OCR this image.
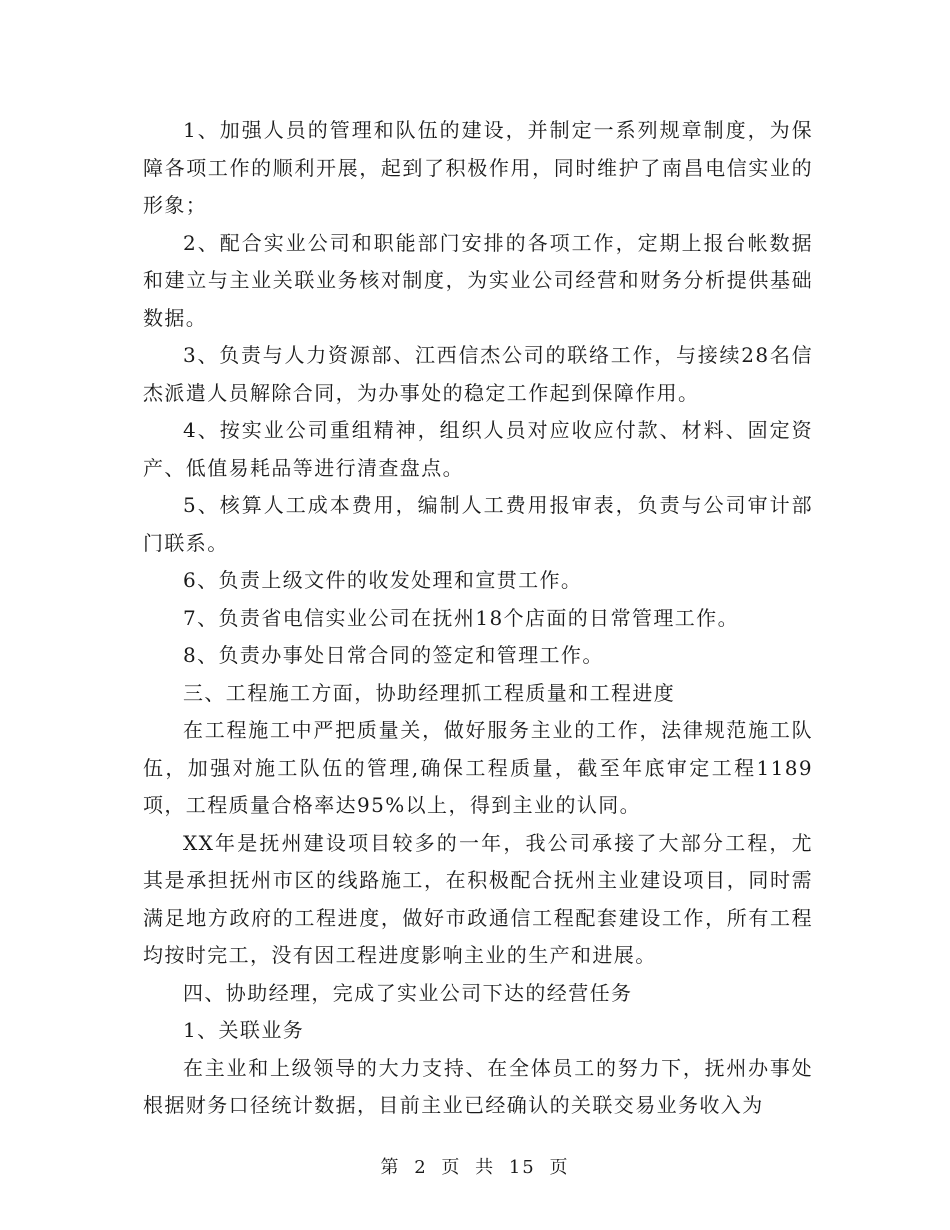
1、加强人员的管理和队伍的建设，并制定一系列规章制度，为保障各项工作的顺利开展，起到了积极作用，同时维护了南昌电信实业的形象；

2、配合实业公司和职能部门安排的各项工作，定期上报台帐数据和建立与主业关联业务核对制度，为实业公司经营和财务分析提供基础数据。

3、负责与人力资源部、江西信杰公司的联络工作，与接续28名信杰派遣人员解除合同，为办事处的稳定工作起到保障作用。

4、按实业公司重组精神，组织人员对应收应付款、材料、固定资产、低值易耗品等进行清查盘点。

5、核算人工成本费用，编制人工费用报审表，负责与公司审计部门联系。

6、负责上级文件的收发处理和宣贯工作。

7、负责省电信实业公司在抚州18个店面的日常管理工作。

8、负责办事处日常合同的签定和管理工作。

三、工程施工方面，协助经理抓工程质量和工程进度

在工程施工中严把质量关，做好服务主业的工作，法律规范施工队伍，加强对施工队伍的管理,确保工程质量，截至年底审定工程1189项，工程质量合格率达95%以上，得到主业的认同。

XX年是抚州建设项目较多的一年，我公司承接了大部分工程，尤其是承担抚州市区的线路施工，在积极配合抚州主业建设项目，同时需满足地方政府的工程进度，做好市政通信工程配套建设工作，所有工程均按时完工，没有因工程进度影响主业的生产和进展。

四、协助经理，完成了实业公司下达的经营任务

1、关联业务

在主业和上级领导的大力支持、在全体员工的努力下，抚州办事处根据财务口径统计数据，目前主业已经确认的关联交易业务收入为

第 2 页 共 15 页
